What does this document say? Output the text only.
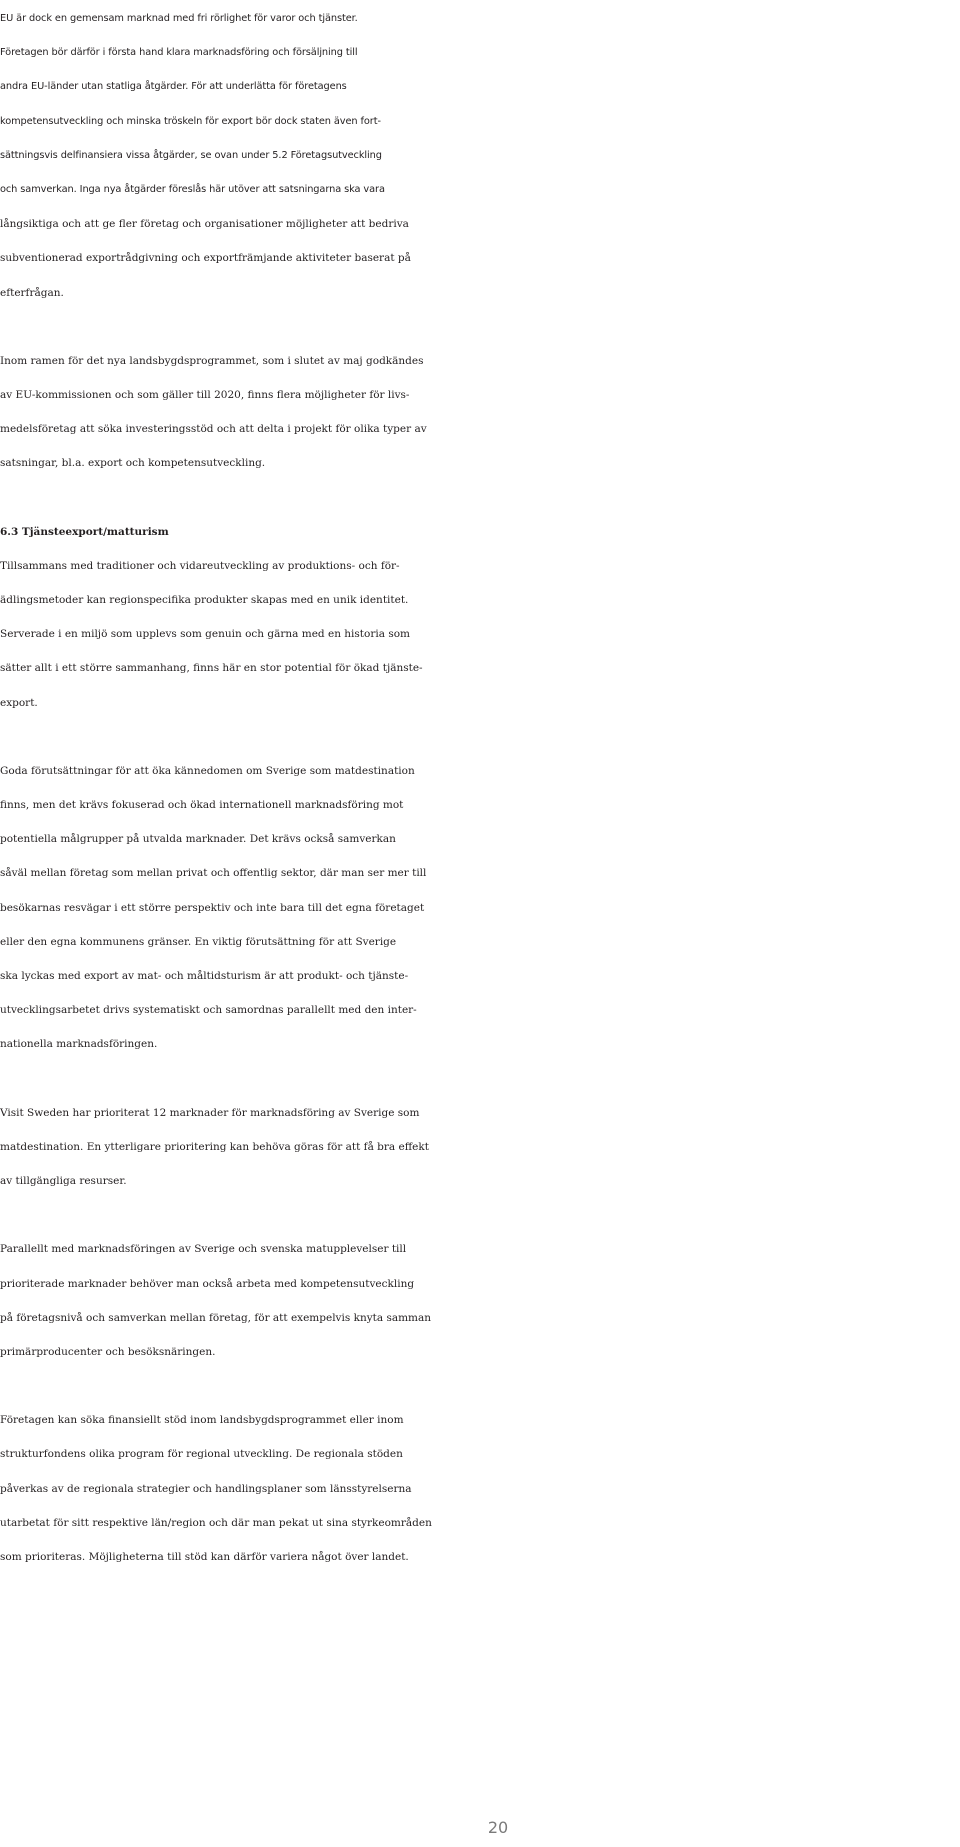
EU är dock en gemensam marknad med fri rörlighet för varor och tjänster.
Företagen bör därför i första hand klara marknadsföring och försäljning till
andra EU-länder utan statliga åtgärder. För att underlätta för företagens
kompetensutveckling och minska tröskeln för export bör dock staten även fort-
sättningsvis delfinansiera vissa åtgärder, se ovan under 5.2 Företagsutveckling
och samverkan. Inga nya åtgärder föreslås här utöver att satsningarna ska vara
långsiktiga och att ge fler företag och organisationer möjligheter att bedriva
subventionerad exportrådgivning och exportfrämjande aktiviteter baserat på
efterfrågan.
Inom ramen för det nya landsbygdsprogrammet, som i slutet av maj godkändes
av EU-kommissionen och som gäller till 2020, finns flera möjligheter för livs-
medelsföretag att söka investeringsstöd och att delta i projekt för olika typer av
satsningar, bl.a. export och kompetensutveckling.
6.3 Tjänsteexport/matturism
Tillsammans med traditioner och vidareutveckling av produktions- och för-
ädlingsmetoder kan regionspecifika produkter skapas med en unik identitet.
Serverade i en miljö som upplevs som genuin och gärna med en historia som
sätter allt i ett större sammanhang, finns här en stor potential för ökad tjänste-
export.
Goda förutsättningar för att öka kännedomen om Sverige som matdestination
finns, men det krävs fokuserad och ökad internationell marknadsföring mot
potentiella målgrupper på utvalda marknader. Det krävs också samverkan
såväl mellan företag som mellan privat och offentlig sektor, där man ser mer till
besökarnas resvägar i ett större perspektiv och inte bara till det egna företaget
eller den egna kommunens gränser. En viktig förutsättning för att Sverige
ska lyckas med export av mat- och måltidsturism är att produkt- och tjänste-
utvecklingsarbetet drivs systematiskt och samordnas parallellt med den inter-
nationella marknadsföringen.
Visit Sweden har prioriterat 12 marknader för marknadsföring av Sverige som
matdestination. En ytterligare prioritering kan behöva göras för att få bra effekt
av tillgängliga resurser.
Parallellt med marknadsföringen av Sverige och svenska matupplevelser till
prioriterade marknader behöver man också arbeta med kompetensutveckling
på företagsnivå och samverkan mellan företag, för att exempelvis knyta samman
primärproducenter och besöksnäringen.
Företagen kan söka finansiellt stöd inom landsbygdsprogrammet eller inom
strukturfondens olika program för regional utveckling. De regionala stöden
påverkas av de regionala strategier och handlingsplaner som länsstyrelserna
utarbetat för sitt respektive län/region och där man pekat ut sina styrkeområden
som prioriteras. Möjligheterna till stöd kan därför variera något över landet.
20
